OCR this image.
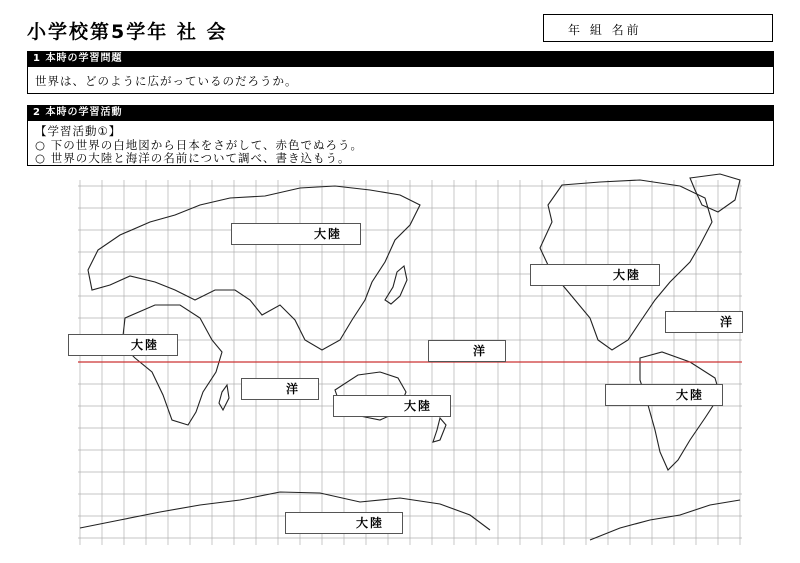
小学校第5学年 社 会	年 組 名前
1 本時の学習問題
世界は、どのように広がっているのだろうか。
2 本時の学習活動
【学習活動①】
○ 下の世界の白地図から日本をさがして、赤色でぬろう。
○ 世界の大陸と海洋の名前について調べ、書き込もう。
大陸
大陸
洋
大陸	洋
洋	大陸
大陸
大陸
